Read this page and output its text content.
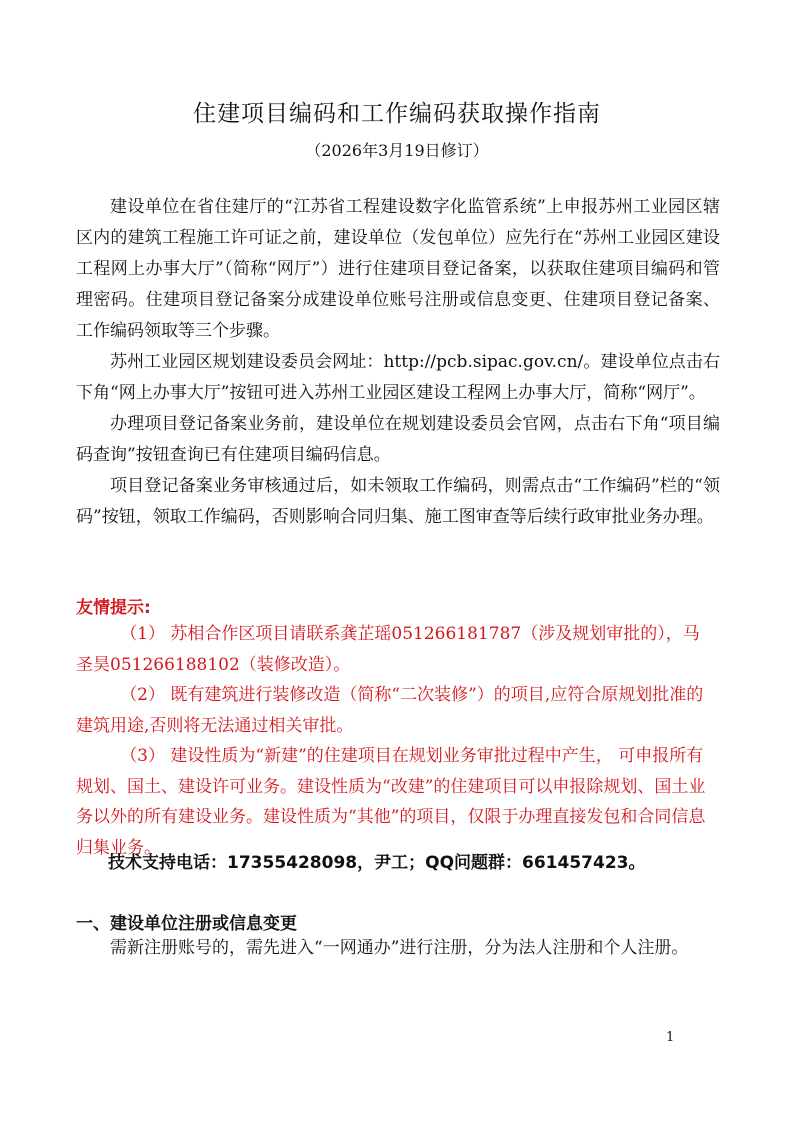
住建项目编码和工作编码获取操作指南
（2026年3月19日修订）

建设单位在省住建厅的“江苏省工程建设数字化监管系统”上申报苏州工业园区辖区内的建筑工程施工许可证之前，建设单位（发包单位）应先行在“苏州工业园区建设工程网上办事大厅”（简称“网厅”）进行住建项目登记备案，以获取住建项目编码和管理密码。住建项目登记备案分成建设单位账号注册或信息变更、住建项目登记备案、工作编码领取等三个步骤。

苏州工业园区规划建设委员会网址：http://pcb.sipac.gov.cn/。建设单位点击右下角“网上办事大厅”按钮可进入苏州工业园区建设工程网上办事大厅，简称“网厅”。

办理项目登记备案业务前，建设单位在规划建设委员会官网，点击右下角“项目编码查询”按钮查询已有住建项目编码信息。

项目登记备案业务审核通过后，如未领取工作编码，则需点击“工作编码”栏的“领码”按钮，领取工作编码，否则影响合同归集、施工图审查等后续行政审批业务办理。

友情提示:

（1） 苏相合作区项目请联系龚芷瑶051266181787（涉及规划审批的），马圣昊051266188102（装修改造）。

（2） 既有建筑进行装修改造（简称“二次装修”）的项目,应符合原规划批准的建筑用途,否则将无法通过相关审批。

（3） 建设性质为“新建”的住建项目在规划业务审批过程中产生， 可申报所有规划、国土、建设许可业务。建设性质为“改建”的住建项目可以申报除规划、国土业务以外的所有建设业务。建设性质为“其他”的项目，仅限于办理直接发包和合同信息归集业务。

技术支持电话：17355428098，尹工；QQ问题群：661457423。
一、建设单位注册或信息变更

需新注册账号的，需先进入“一网通办”进行注册，分为法人注册和个人注册。

1
